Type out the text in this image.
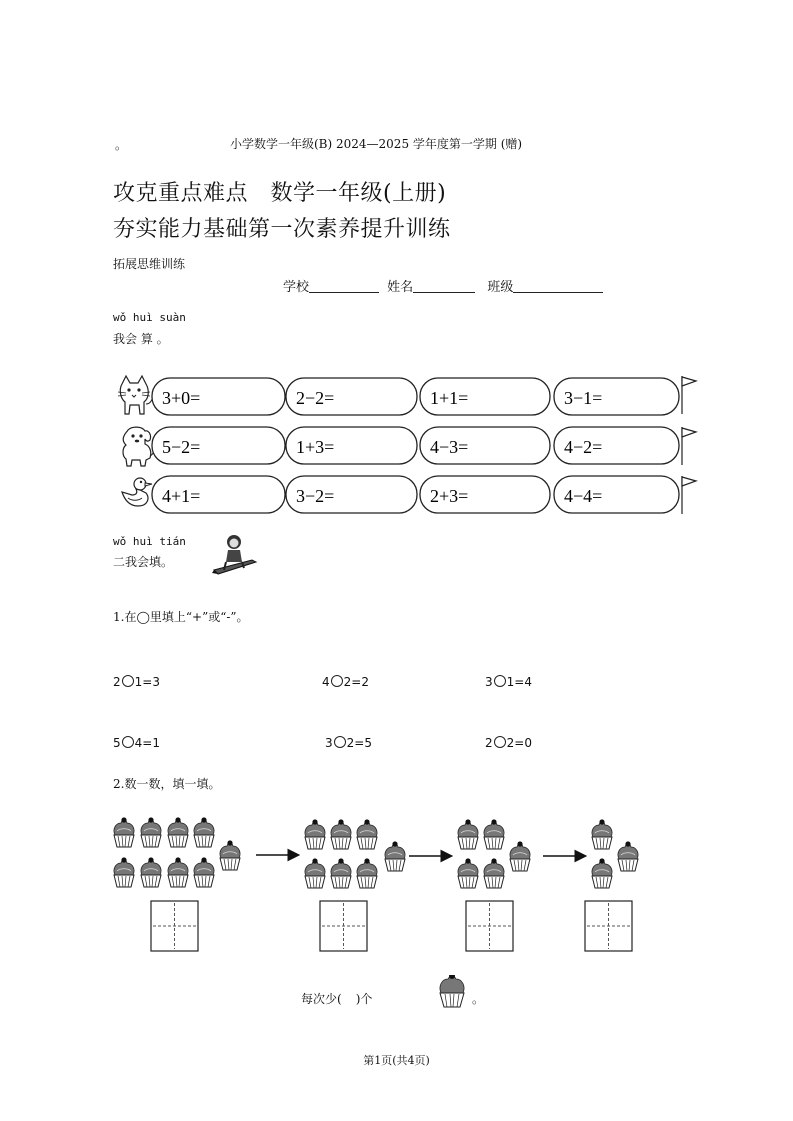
。	小学数学一年级(B) 2024—2025 学年度第一学期 (赠)
攻克重点难点　数学一年级(上册)
夯实能力基础第一次素养提升训练
拓展思维训练
学校	姓名	班级
wǒ huì suàn
我会 算 。
3+0=	2−2=	1+1=	3−1=
5−2=	1+3=	4−3=	4−2=
4+1=	3−2=	2+3=	4−4=
wǒ huì tián
二我会填。
1.在◯里填上“+”或“-”。
2 1=3	4 2=2	3 1=4
5 4=1	3 2=5	2 2=0
2.数一数，填一填。
每次少( )个	。
第1页(共4页)
